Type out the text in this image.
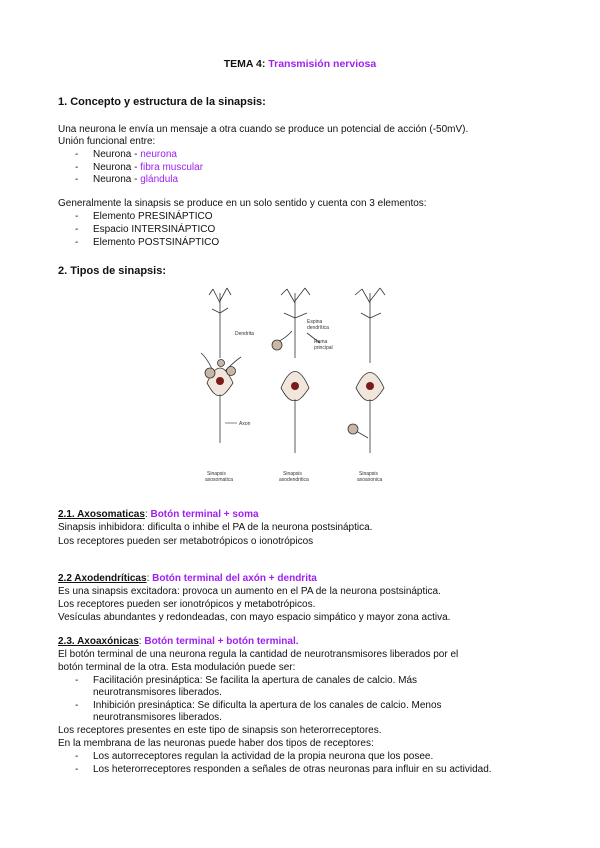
TEMA 4: Transmisión nerviosa
1. Concepto y estructura de la sinapsis:
Una neurona le envía un mensaje a otra cuando se produce un potencial de acción (-50mV).
Unión funcional entre:
- Neurona - neurona
- Neurona - fibra muscular
- Neurona - glándula
Generalmente la sinapsis se produce en un solo sentido y cuenta con 3 elementos:
- Elemento PRESINÁPTICO
- Espacio INTERSINÁPTICO
- Elemento POSTSINÁPTICO
2. Tipos de sinapsis:
Dendrita
Espina
dendrítica
Rama
principal
Axon
Sinapsis
axosomatica
Sinapsis
axodendritica
Sinapsis
axoaxonica
2.1. Axosomaticas: Botón terminal + soma
Sinapsis inhibidora: dificulta o inhibe el PA de la neurona postsináptica.
Los receptores pueden ser metabotrópicos o ionotrópicos
2.2 Axodendríticas: Botón terminal del axón + dendrita
Es una sinapsis excitadora: provoca un aumento en el PA de la neurona postsináptica.
Los receptores pueden ser ionotrópicos y metabotrópicos.
Vesículas abundantes y redondeadas, con mayo espacio simpático y mayor zona activa.
2.3. Axoaxónicas: Botón terminal + botón terminal.
El botón terminal de una neurona regula la cantidad de neurotransmisores liberados por el
botón terminal de la otra. Esta modulación puede ser:
- Facilitación presináptica: Se facilita la apertura de canales de calcio. Más
neurotransmisores liberados.
- Inhibición presináptica: Se dificulta la apertura de los canales de calcio. Menos
neurotransmisores liberados.
Los receptores presentes en este tipo de sinapsis son heterorreceptores.
En la membrana de las neuronas puede haber dos tipos de receptores:
- Los autorreceptores regulan la actividad de la propia neurona que los posee.
- Los heterorreceptores responden a señales de otras neuronas para influir en su actividad.
